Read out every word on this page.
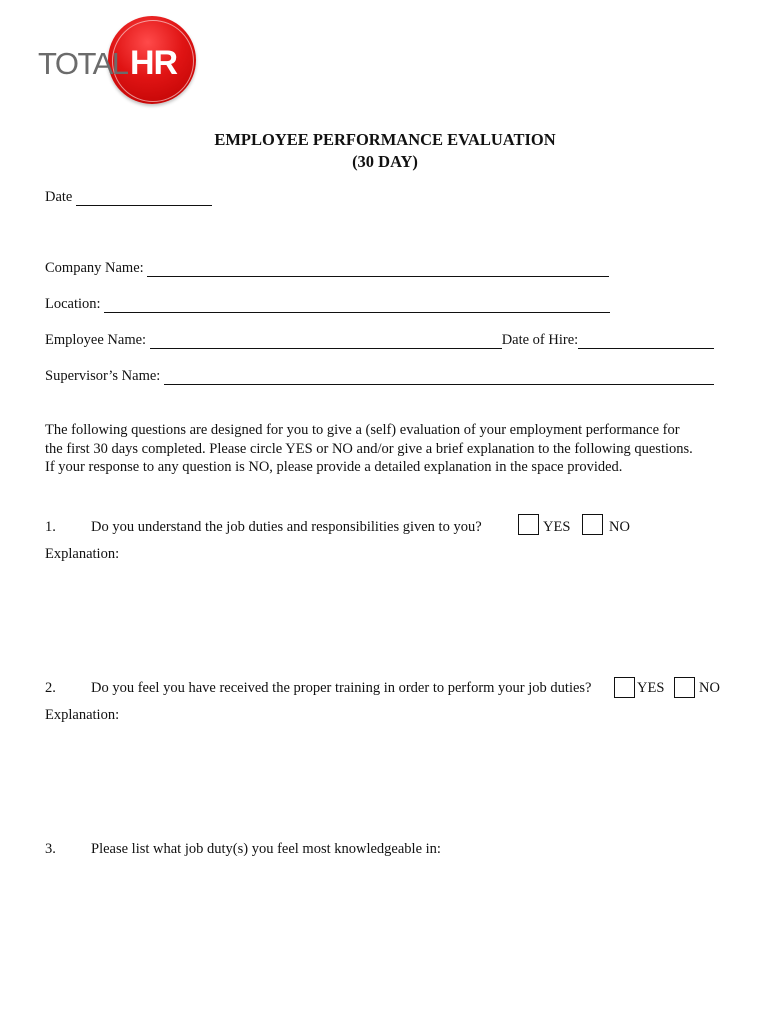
TOTAL HR
EMPLOYEE PERFORMANCE EVALUATION
(30 DAY)
Date
Company Name:
Location:
Employee Name:	Date of Hire:
Supervisor’s Name:
The following questions are designed for you to give a (self) evaluation of your employment performance for
the first 30 days completed. Please circle YES or NO and/or give a brief explanation to the following questions.
If your response to any question is NO, please provide a detailed explanation in the space provided.
1. Do you understand the job duties and responsibilities given to you?	YES	NO
Explanation:
2. Do you feel you have received the proper training in order to perform your job duties?	YES NO
Explanation:
3. Please list what job duty(s) you feel most knowledgeable in:
